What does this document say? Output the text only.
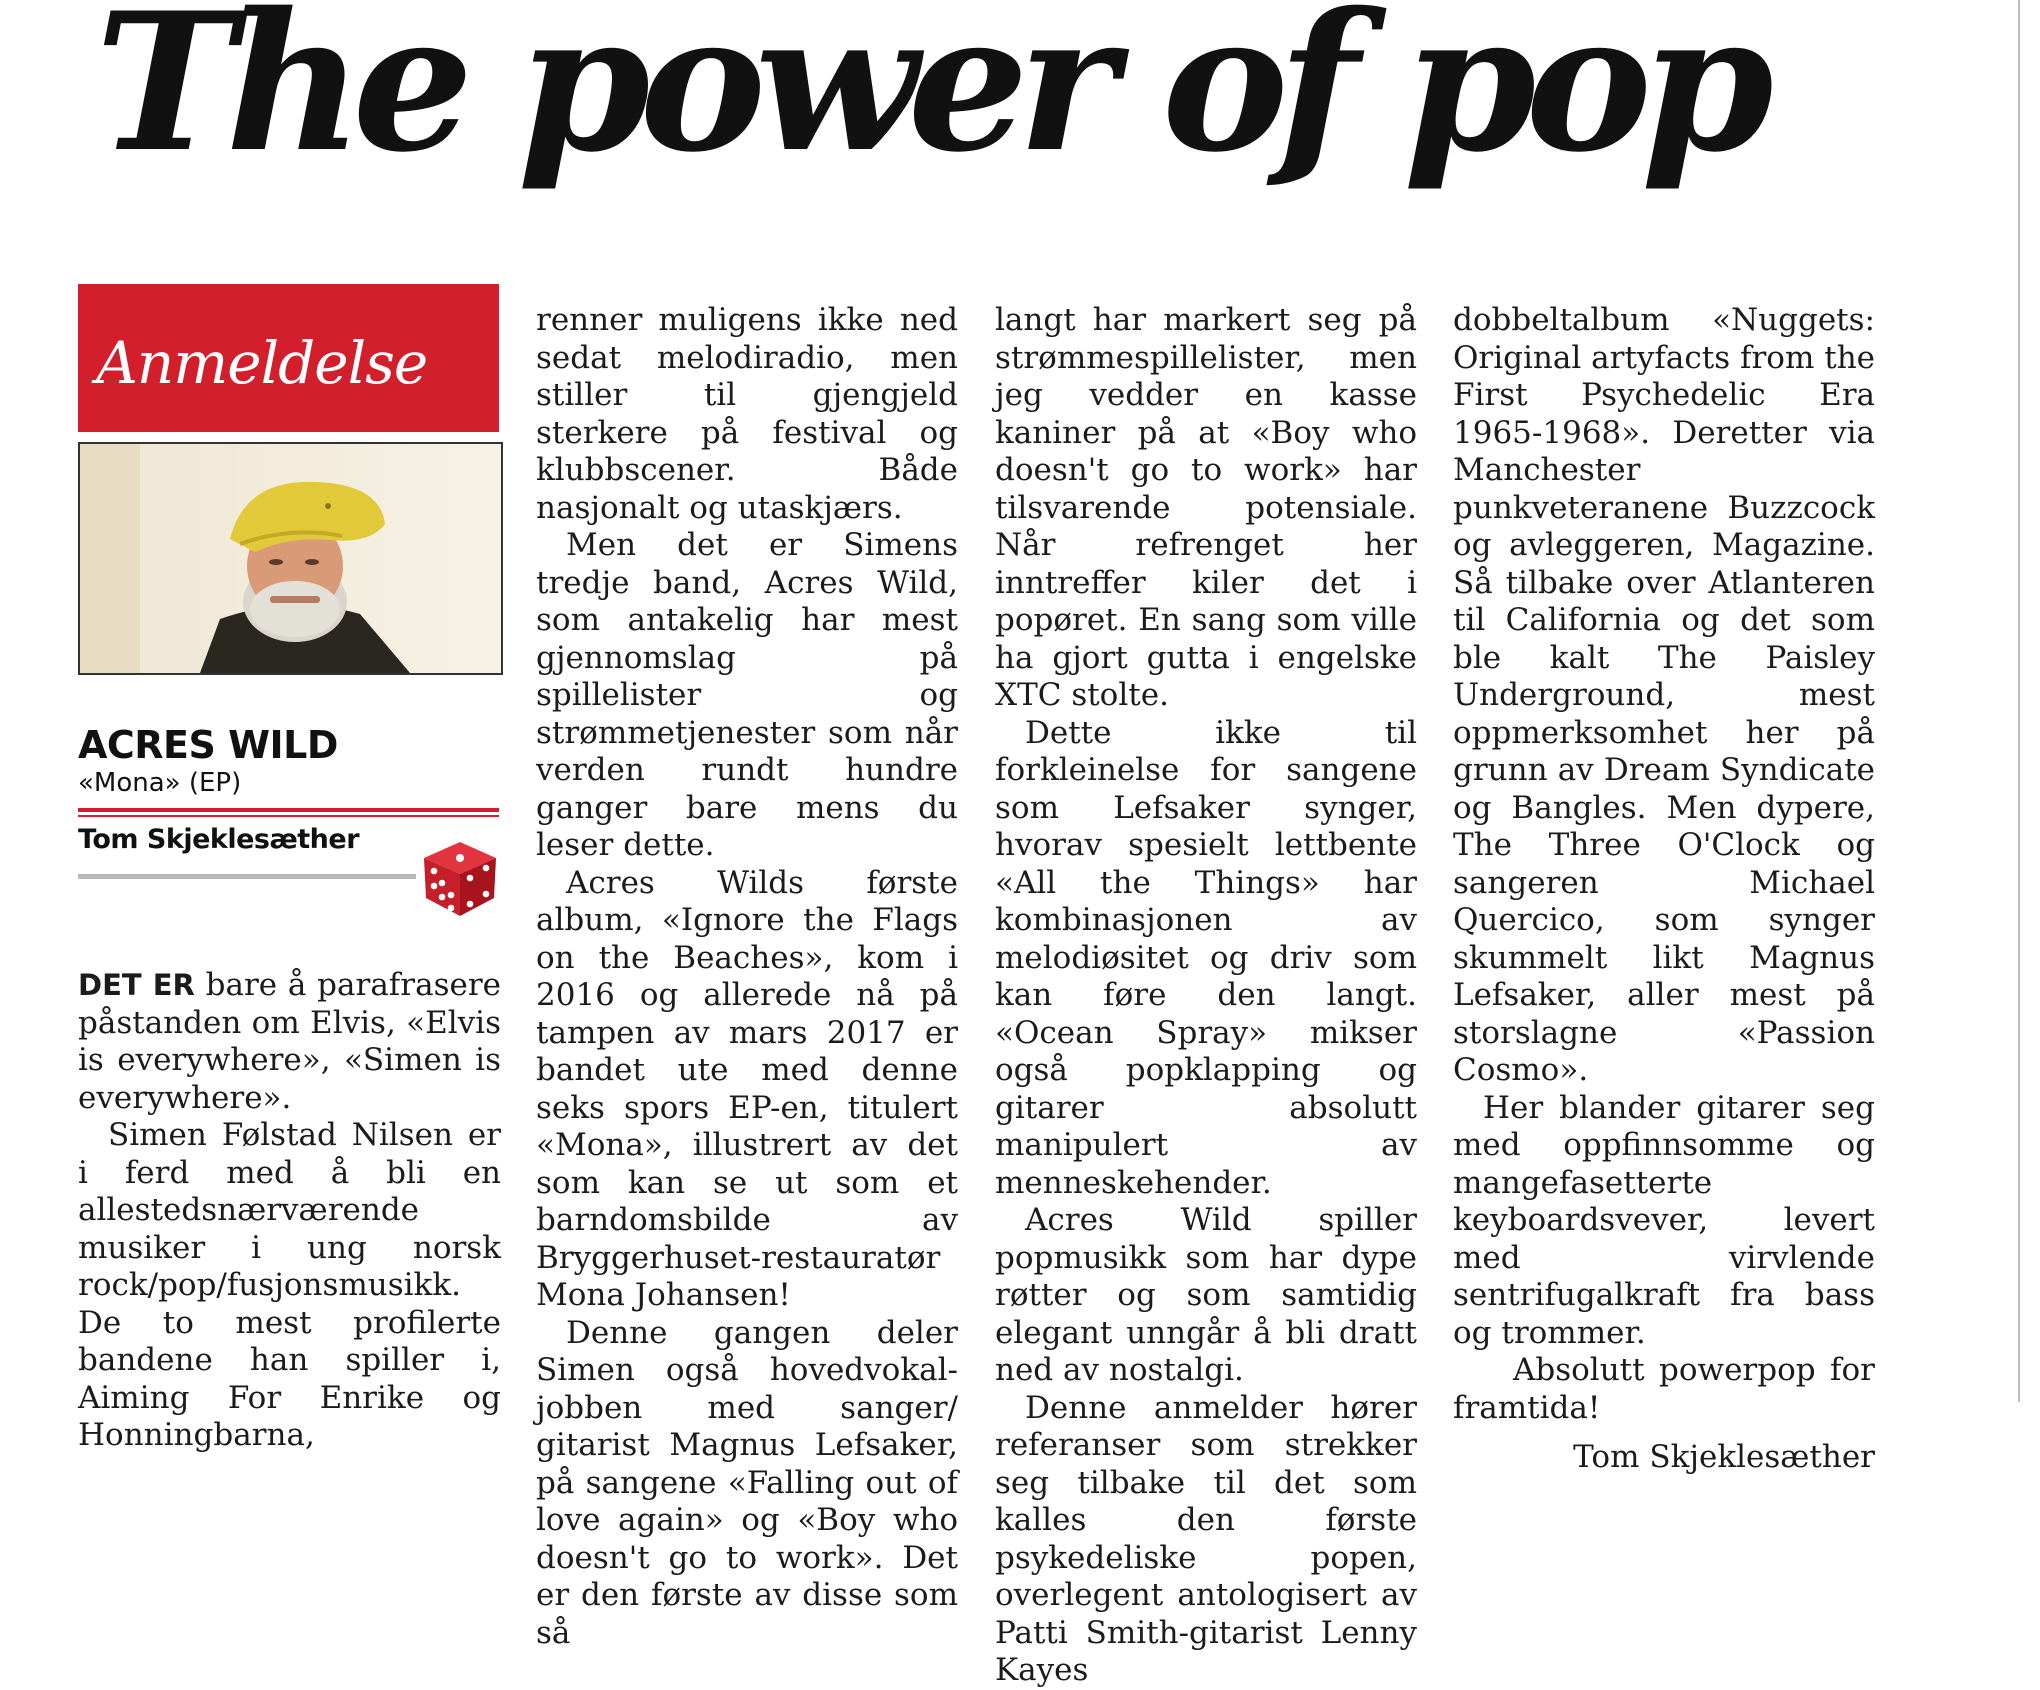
The power of pop
Anmeldelse
ACRES WILD
«Mona» (EP)
Tom Skjeklesæther

DET ER bare å parafrasere påstanden om Elvis, «Elvis is everywhere», «Simen is everywhere».

Simen Følstad Nilsen er i ferd med å bli en allestedsnærværende musiker i ung norsk rock/pop/fusjonsmusikk. De to mest profilerte bandene han spiller i, Aiming For Enrike og Honningbarna,

renner muligens ikke ned sedat melodiradio, men stiller til gjengjeld sterkere på festival og klubbscener. Både nasjonalt og utaskjærs.

Men det er Simens tredje band, Acres Wild, som antakelig har mest gjennomslag på spillelister og strømmetjenester som når verden rundt hundre ganger bare mens du leser dette.

Acres Wilds første album, «Ignore the Flags on the Beaches», kom i 2016 og allerede nå på tampen av mars 2017 er bandet ute med denne seks spors EP-en, titulert «Mona», illustrert av det som kan se ut som et barndomsbilde av Bryggerhuset-restauratør Mona Johansen!

Denne gangen deler Simen også hovedvokal-jobben med sanger/ gitarist Magnus Lefsaker, på sangene «Falling out of love again» og «Boy who doesn't go to work». Det er den første av disse som så

langt har markert seg på strømmespillelister, men jeg vedder en kasse kaniner på at «Boy who doesn't go to work» har tilsvarende potensiale. Når refrenget her inntreffer kiler det i popøret. En sang som ville ha gjort gutta i engelske XTC stolte.

Dette ikke til forkleinelse for sangene som Lefsaker synger, hvorav spesielt lettbente «All the Things» har kombinasjonen av melodiøsitet og driv som kan føre den langt. «Ocean Spray» mikser også popklapping og gitarer absolutt manipulert av menneskehender.

Acres Wild spiller popmusikk som har dype røtter og som samtidig elegant unngår å bli dratt ned av nostalgi.

Denne anmelder hører referanser som strekker seg tilbake til det som kalles den første psykedeliske popen, overlegent antologisert av Patti Smith-gitarist Lenny Kayes

dobbeltalbum «Nuggets: Original artyfacts from the First Psychedelic Era 1965-1968». Deretter via Manchester punkveteranene Buzzcock og avleggeren, Magazine. Så tilbake over Atlanteren til California og det som ble kalt The Paisley Underground, mest oppmerksomhet her på grunn av Dream Syndicate og Bangles. Men dypere, The Three O'Clock og sangeren Michael Quercico, som synger skummelt likt Magnus Lefsaker, aller mest på storslagne «Passion Cosmo».

Her blander gitarer seg med oppfinnsomme og mangefasetterte keyboardsvever, levert med virvlende sentrifugalkraft fra bass og trommer.

Absolutt powerpop for framtida!

Tom Skjeklesæther
